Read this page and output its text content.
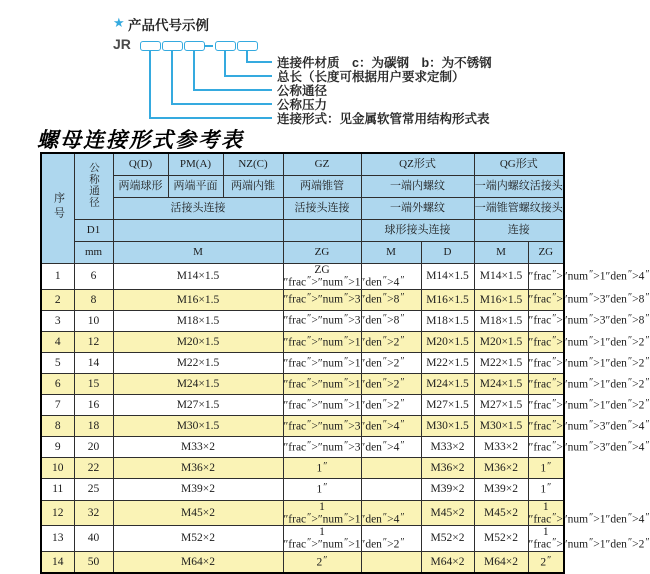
★ 产品代号示例
JR
连接件材质　c：为碳钢　b：为不锈钢
总长（长度可根据用户要求定制）
公称通径
公称压力
连接形式：见金属软管常用结构形式表
螺母连接形式参考表
序号	公称通径	Q(D)	PM(A)	NZ(C)	GZ	QZ形式		QG形式	
		两端球形	两端平面	两端内锥	两端锥管	一端内螺纹		一端内螺纹活接头	
		活接头连接			活接头连接	一端外螺纹		一端锥管螺纹接头	
	D1					球形接头连接		连接	
	mm	M			ZG	M	D	M	ZG
1	6	M14×1.5			ZG ″frac″>″num″>1″ ″ ″		M14×1.5	M14×1.5	″frac″>″num″>1″den″>4″
2	8	M16×1.5			″frac″>″num″>3″ ″ ″		M16×1.5	M16×1.5	″frac″>″num″>3″den″>8″
3	10	M18×1.5			″frac″>″num″>3″ ″ ″		M18×1.5	M18×1.5	″frac″>″num″>3″den″>8″
4	12	M20×1.5			″frac″>″num″>1″ ″ ″		M20×1.5	M20×1.5	″frac″>″num″>1″den″>2″
5	14	M22×1.5			″frac″>″num″>1″ ″ ″		M22×1.5	M22×1.5	″frac″>″num″>1″den″>2″
6	15	M24×1.5			″frac″>″num″>1″ ″ ″		M24×1.5	M24×1.5	″frac″>″num″>1″den″>2″
7	16	M27×1.5			″frac″>″num″>1″ ″ ″		M27×1.5	M27×1.5	″frac″>″num″>1″den″>2″
8	18	M30×1.5			″frac″>″num″>3″ ″ ″		M30×1.5	M30×1.5	″frac″>″num″>3″den″>4″
9	20	M33×2			″frac″>″num″>3″ ″ ″		M33×2	M33×2	″frac″>″num″>3″den″>4″
10	22	M36×2			1″		M36×2	M36×2	1″
11	25	M39×2			1″		M39×2	M39×2	1″
12	32	M45×2			1 ″frac″>″num″>1″ ″ ″		M45×2	M45×2	1 ″frac″>″num″>1″den″>4″
13	40	M52×2			1 ″frac″>″num″>1″ ″ ″		M52×2	M52×2	1 ″frac″>″num″>1″den″>2″
14	50	M64×2			2″		M64×2	M64×2	2″
